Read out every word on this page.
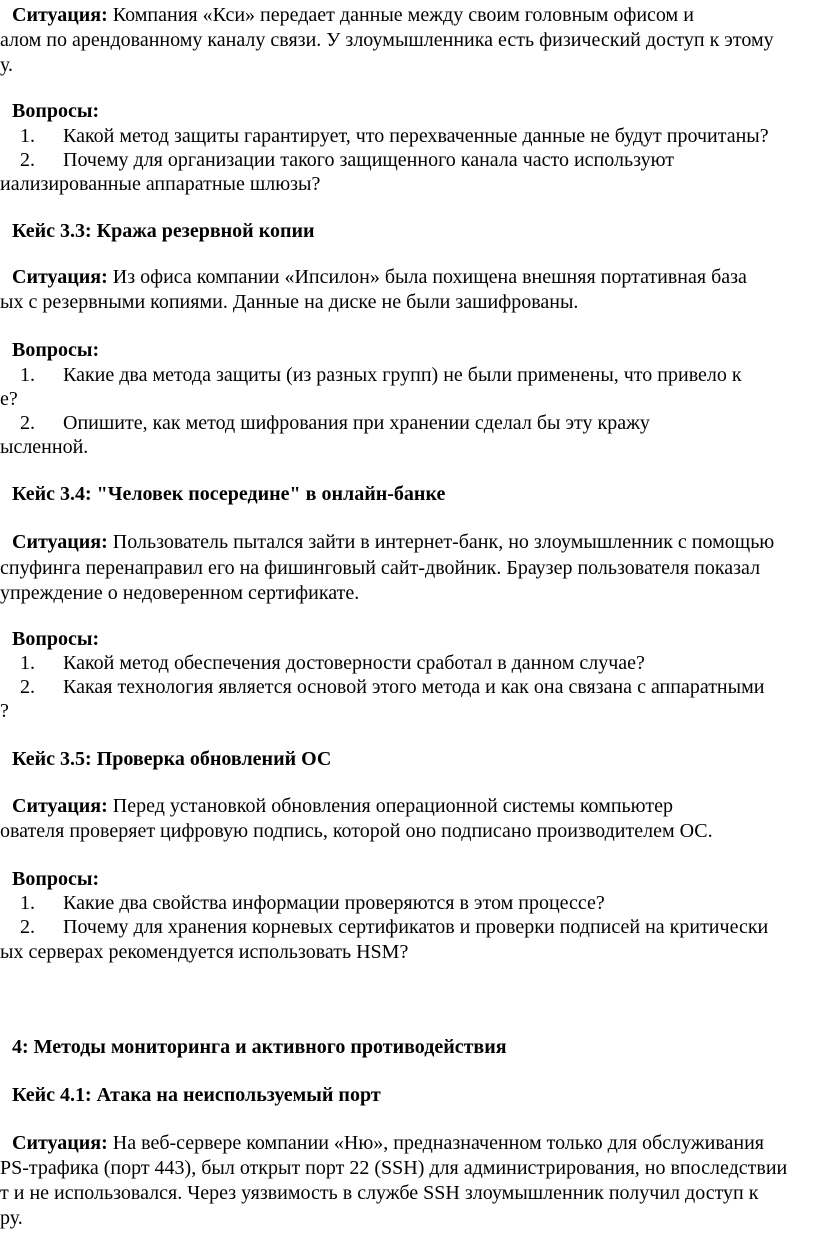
Ситуация: Компания «Кси» передает данные между своим головным офисом и
алом по арендованному каналу связи. У злоумышленника есть физический доступ к этому
у.
Вопросы:
1. Какой метод защиты гарантирует, что перехваченные данные не будут прочитаны?
2. Почему для организации такого защищенного канала часто используют
иализированные аппаратные шлюзы?
Кейс 3.3: Кража резервной копии
Ситуация: Из офиса компании «Ипсилон» была похищена внешняя портативная база
ых с резервными копиями. Данные на диске не были зашифрованы.
Вопросы:
1. Какие два метода защиты (из разных групп) не были применены, что привело к
е?
2. Опишите, как метод шифрования при хранении сделал бы эту кражу
ысленной.
Кейс 3.4: "Человек посередине" в онлайн-банке
Ситуация: Пользователь пытался зайти в интернет-банк, но злоумышленник с помощью
спуфинга перенаправил его на фишинговый сайт-двойник. Браузер пользователя показал
упреждение о недоверенном сертификате.
Вопросы:
1. Какой метод обеспечения достоверности сработал в данном случае?
2. Какая технология является основой этого метода и как она связана с аппаратными
?
Кейс 3.5: Проверка обновлений ОС
Ситуация: Перед установкой обновления операционной системы компьютер
ователя проверяет цифровую подпись, которой оно подписано производителем ОС.
Вопросы:
1. Какие два свойства информации проверяются в этом процессе?
2. Почему для хранения корневых сертификатов и проверки подписей на критически
ых серверах рекомендуется использовать HSM?
4: Методы мониторинга и активного противодействия
Кейс 4.1: Атака на неиспользуемый порт
Ситуация: На веб-сервере компании «Ню», предназначенном только для обслуживания
PS-трафика (порт 443), был открыт порт 22 (SSH) для администрирования, но впоследствии
т и не использовался. Через уязвимость в службе SSH злоумышленник получил доступ к
ру.
